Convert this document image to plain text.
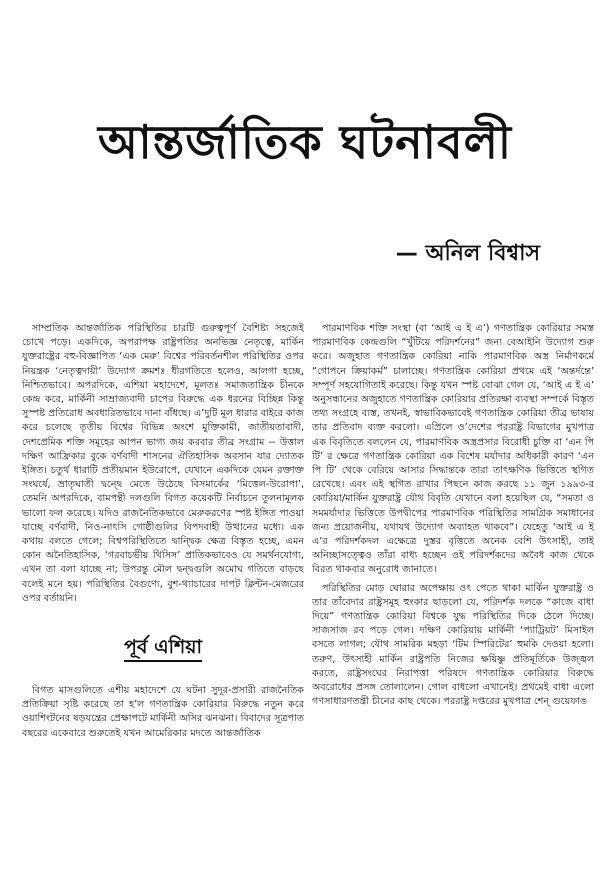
আন্তর্জাতিক ঘটনাবলী
— অনিল বিশ্বাস

সাম্প্রতিক আন্তর্জাতিক পরিস্থিতির চারটি গুরুত্বপূর্ণ বৈশিষ্ট্য সহজেই চোখে পড়ে। একদিকে, অপরাপক্ষ রাষ্ট্রপতির অনভিজ্ঞ নেতৃত্বে, মার্কিন যুক্তরাষ্ট্রের বহু-বিজ্ঞাপিত ‘এক মেরু’ বিশ্বের পরিবর্তনশীল পরিস্থিতির ওপর নিয়ন্ত্রক ‘নেতৃত্বদায়ী’ উদ্যোগ ক্রমশঃ ধীরগতিতে হলেও, আলগা হচ্ছে, নিশ্চিতভাবে। অপরদিকে, এশিয়া মহাদেশে, মূলতঃ সমাজতান্ত্রিক চীনকে কেন্দ্র করে, মার্কিনী সাম্রাজ্যবাদী চাপের বিরুদ্ধে এক ধরনের বিচ্ছিন্ন কিন্তু সুস্পষ্ট প্রতিরোধ অবধারিতভাবে দানা বাঁধছে। এ’দুটি মূল ধারার বাইরে কাজ করে চলেছে তৃতীয় বিশ্বের বিভিন্ন অংশে মুক্তিকামী, জাতীয়তাবাদী, দেশপ্রেমিক শক্তি সমূহের আপন ভাগ্য জয় করবার তীব্র সংগ্রাম -- উত্তাল দক্ষিণ আফ্রিকার বুকে বর্ণবাদী শাসনের ঐতিহাসিক অবসান যার দ্যোতক ইঙ্গিত। চতুর্থ ধারাটি প্রতীয়মান ইউরোপে, যেখানে একদিকে যেমন রক্তাক্ত সংঘর্ষে, ভ্রাতৃঘাতী দ্বন্দ্বে মেতে উঠেছে বিসমার্কের ‘মিত্তেল-উরোপা’, তেমনি অপরদিকে, বামপন্থী দলগুলি বিগত কয়েকটি নির্বাচনে তুলনামূলক ভালো ফল করেছে। যদিও রাজনৈতিকভাবে মেরুকরণের স্পষ্ট ইঙ্গিত পাওয়া যাচ্ছে বর্ণবাদী, নিও-নাৎসি গোষ্ঠীগুলির বিপদবাহী উত্থানের মধ্যে। এক কথায় বলতে গেলে; বিশ্বপরিস্থিতিতে দ্বান্দ্বিক ক্ষেত্র বিস্তৃত হচ্ছে, এমন কোন অনৈতিহাসিক, ‘গরবাচভীয় থিসিস’ প্রাতিকভাবেও যে সমর্থনযোগ্য, এখন তা বলা যাচ্ছে না; উপরন্তু মৌল দ্বন্দ্বগুলি অমোঘ গতিতে বাড়ছে বলেই মনে হয়। পরিস্থিতির বৈগুণ্যে, বুশ-থ্যাচারের দাপট ক্লিন্টন-মেজরের ওপর বর্তায়নি।

পূর্ব এশিয়া

বিগত মাসগুলিতে এশীয় মহাদেশে যে ঘটনা সুদূর-প্রসারী রাজনৈতিক প্রতিক্রিয়া সৃষ্টি করেছে তা হ’ল গণতান্ত্রিক কোরিয়ার বিরুদ্ধে নতুন করে ওয়াশিংটনের ষড়যন্ত্রের প্রেক্ষাপটে মার্কিনী অসির ঝনঝনা। বিবাদের সূত্রপাত বছরের একেবারে শুরুতেই যখন আমেরিকার মদতে আন্তর্জাতিক

পারমাণবিক শক্তি সংস্থা (বা ‘আই এ ই এ’) গণতান্ত্রিক কোরিয়ার সমস্ত পারমাণবিক কেন্দ্রগুলি “খুঁটিয়ে পরিদর্শনের” জন্য বেআইনি উদ্যোগ শুরু করে। অজুহাত গণতান্ত্রিক কোরিয়া নাকি পারমাণবিক অস্ত্র নির্মাণকর্মে “গোপনে ক্রিয়াকর্ম” চালাচ্ছে। গণতান্ত্রিক কোরিয়া প্রথমে এই ‘অন্তর্দন্তে’ সম্পূর্ণ সহযোগিতাই করেছে। কিন্তু যখন স্পষ্ট বোঝা গেল যে, ‘আই এ ই এ’ অনুসন্ধানের অজুহাতে গণতান্ত্রিক কোরিয়ার প্রতিরক্ষা ব্যবস্থা সম্পর্কে বিস্তৃত তথ্য সংগ্রহে ব্যস্ত, তখনই, স্বাভাবিকভাবেই গণতান্ত্রিক কোরিয়া তীব্র ভাষায় তার প্রতিবাদ ব্যক্ত করলো। এপ্রিলে ও’দেশের পররাষ্ট্র বিভাগের মুখপাত্র এক বিবৃতিতে বললেন যে, পারমাণবিক অস্ত্রপ্রসার বিরোধী চুক্তি বা ‘এন পি টি’ র ক্ষেত্রে গণতান্ত্রিক কোরিয়া এক বিশেষ মর্যাদার অধিকারী কারণ ‘এন পি টি’ থেকে বেরিয়ে আসার সিদ্ধান্তকে তারা তাৎক্ষণিক ভিত্তিতে স্থগিত রেখেছে। এবং এই স্থগিত রাখার পিছনে কাজ করছে ১১ জুন ১৯৯৩-র কোরিয়া/মার্কিন যুক্তরাষ্ট্র যৌথ বিবৃতি যেখানে বলা হয়েছিল যে, “সমতা ও সমমর্যাদার ভিত্তিতে উপদ্বীপের পারমাণবিক পরিস্থিতির সামগ্রিক সমাধানের জন্য প্রয়োজনীয়, যথাযথ উদ্যোগ অব্যাহত থাকবে”। যেহেতু ‘আই এ ই এ’র পরিদর্শকদল এক্ষেত্রে দুস্তর বৃত্তিতে অনেক বেশি উৎসাহী, তাই অনিচ্ছাসত্ত্বেও তাঁরা বাধ্য হচ্ছেন ওই পরিদর্শকদের অবৈধ কাজ থেকে বিরত থাকবার অনুরোধ জানাতে।

পরিস্থিতির মোড় ঘোরার অপেক্ষায় ওৎ পেতে থাকা মার্কিন যুক্তরাষ্ট্র ও তার তাঁবেদার রাষ্ট্রসমূহ হুংকার ছাড়লো যে, পরিদর্শক দলকে “কাজে বাধা দিয়ে” গণতান্ত্রিক কোরিয়া বিশ্বকে যুদ্ধ পরিস্থিতির দিকে ঠেলে দিচ্ছে। সাজসাজ রব পড়ে গেল। দক্ষিণ কোরিয়ায় মার্কিনী ‘প্যাট্রিয়ট’ মিসাইল বসতে লাগল; যৌথ সামরিক মহড়া ‘টিম স্পিরিটের’ হুমকি দেওয়া হলো। তরুণ, উৎসাহী মার্কিন রাষ্ট্রপতি নিজের ক্ষয়িষ্ণু প্রতিমূর্তিকে উজ্জ্বল করতে, রাষ্ট্রসংঘের নিরাপত্তা পরিষদে গণতান্ত্রিক কোরিয়ার বিরুদ্ধে অবরোধের প্রসঙ্গ তোলালেন। গোল বাধলো এখানেই। প্রথমেই বাধা এলো গণসাধারণতন্ত্রী চীনের কাছ থেকে। পররাষ্ট্র দপ্তরের মুখপাত্র শেন্ গুয়েফাঙ
